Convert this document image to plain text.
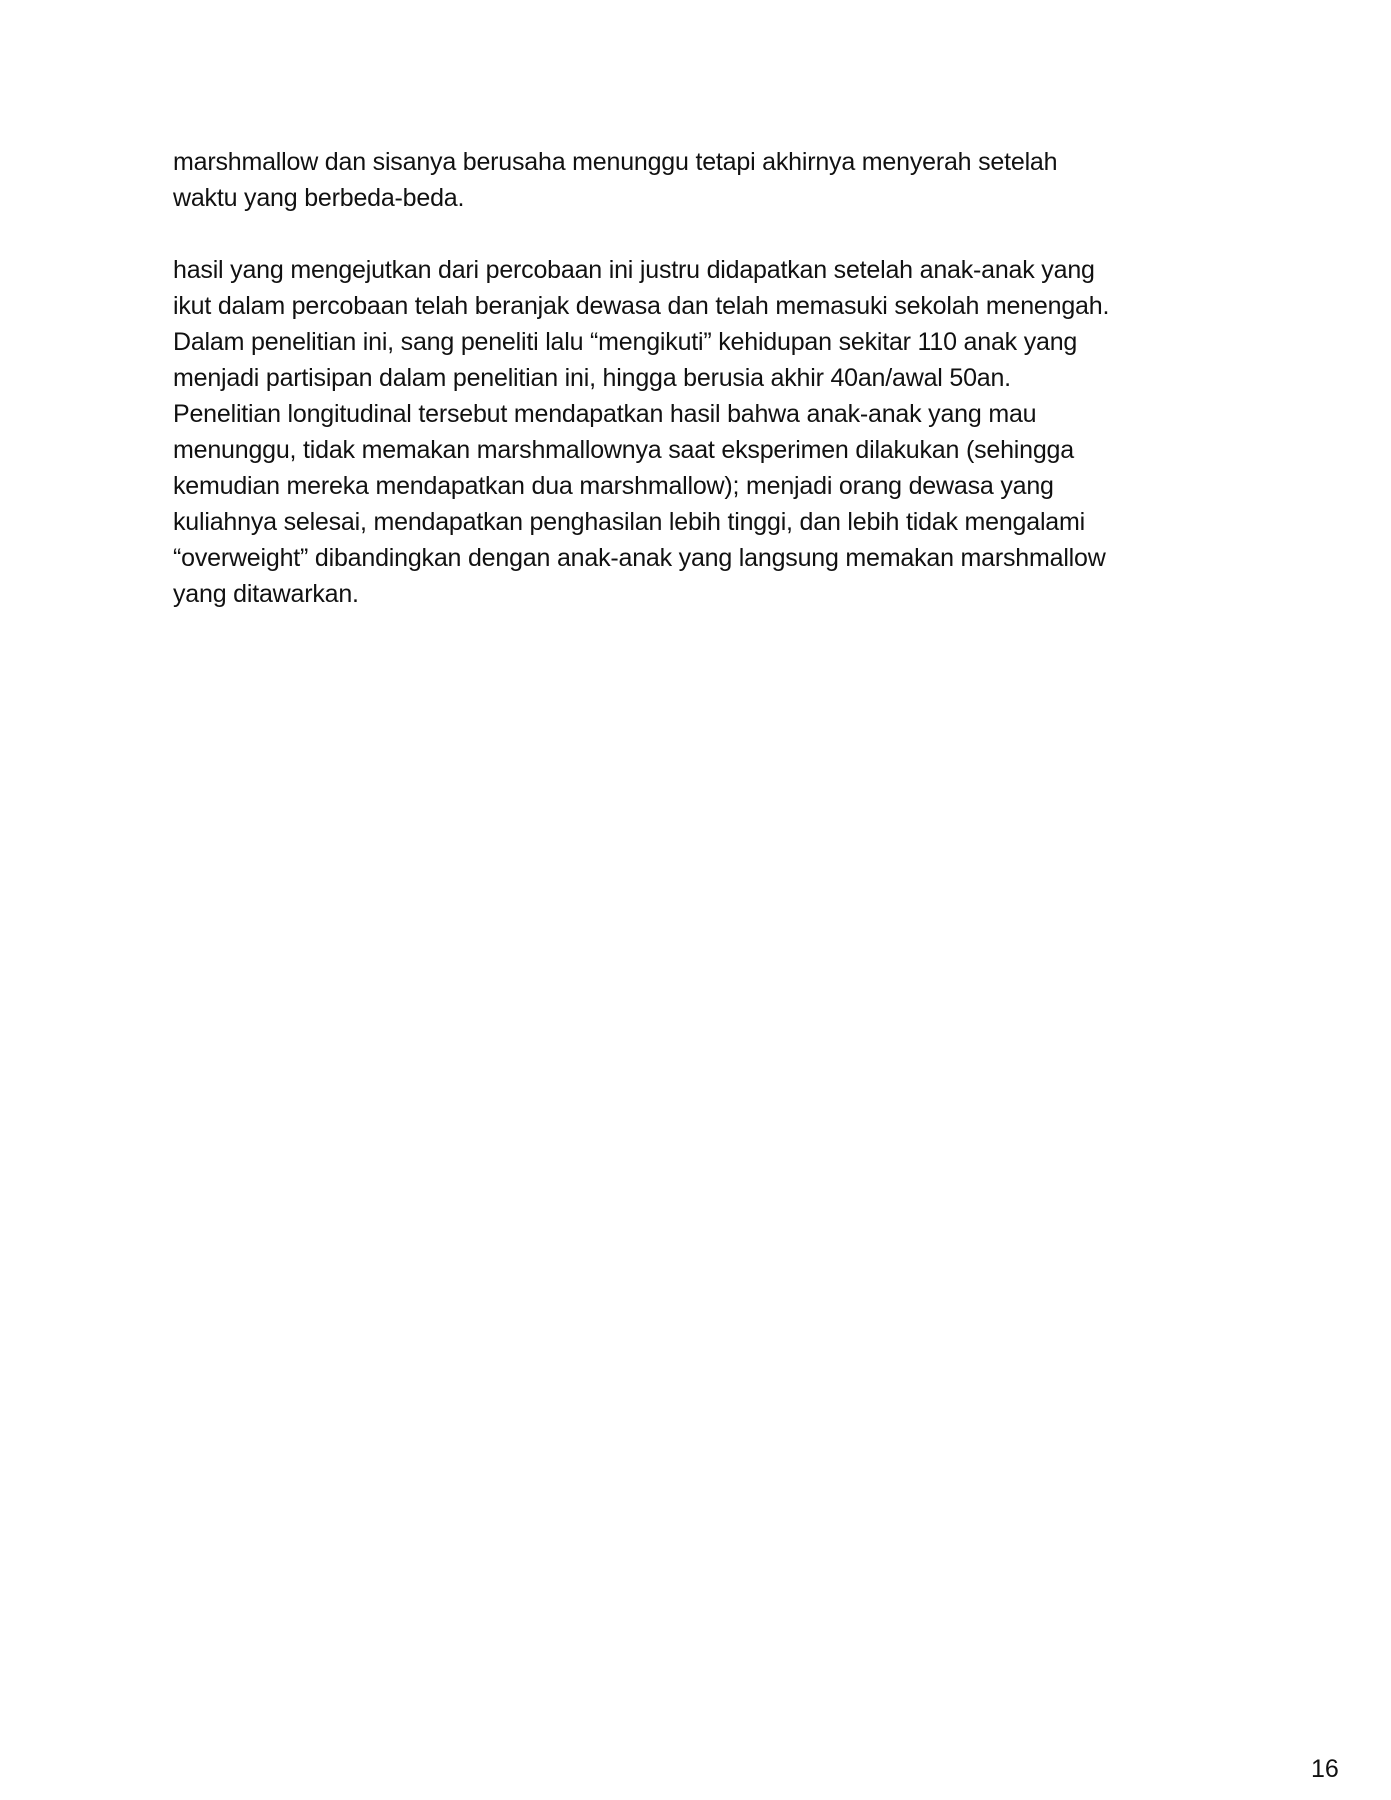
marshmallow dan sisanya berusaha menunggu tetapi akhirnya menyerah setelah
waktu yang berbeda-beda.
hasil yang mengejutkan dari percobaan ini justru didapatkan setelah anak-anak yang
ikut dalam percobaan telah beranjak dewasa dan telah memasuki sekolah menengah.
Dalam penelitian ini, sang peneliti lalu “mengikuti” kehidupan sekitar 110 anak yang
menjadi partisipan dalam penelitian ini, hingga berusia akhir 40an/awal 50an.
Penelitian longitudinal tersebut mendapatkan hasil bahwa anak-anak yang mau
menunggu, tidak memakan marshmallownya saat eksperimen dilakukan (sehingga
kemudian mereka mendapatkan dua marshmallow); menjadi orang dewasa yang
kuliahnya selesai, mendapatkan penghasilan lebih tinggi, dan lebih tidak mengalami
“overweight” dibandingkan dengan anak-anak yang langsung memakan marshmallow
yang ditawarkan.
16
